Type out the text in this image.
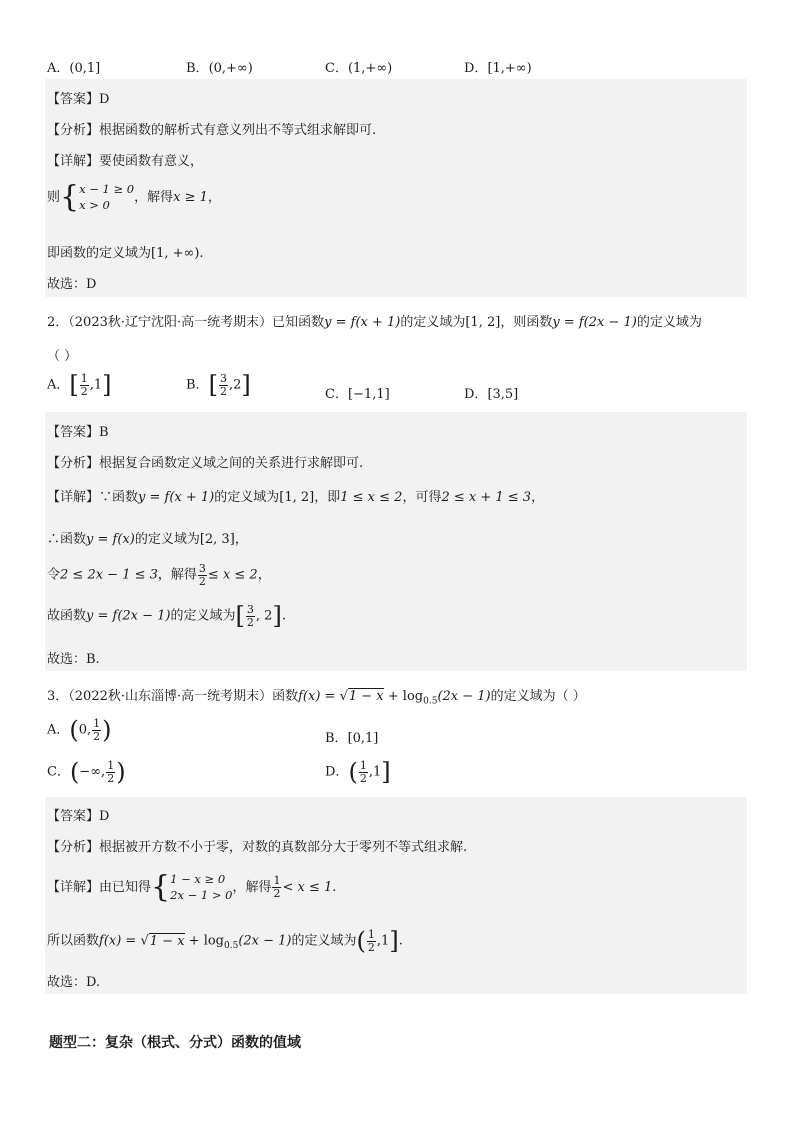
A．(0,1]	B．(0,+∞)	C．(1,+∞)	D．[1,+∞)
【答案】D
【分析】根据函数的解析式有意义列出不等式组求解即可.
【详解】要使函数有意义，
则{ x − 1 ≥ 0
x > 0	，解得x ≥ 1，
即函数的定义域为[1, +∞).
故选：D
2．（2023秋·辽宁沈阳·高一统考期末）已知函数y = f(x + 1)的定义域为[1, 2]，则函数y = f(2x − 1)的定义域为
（ ）
A．[ $\frac{1}{2} ,1$]	B．[ $\frac{3}{2} ,2$]	C．[−1,1]	D．[3,5]
【答案】B
【分析】根据复合函数定义域之间的关系进行求解即可.
【详解】∵函数y = f(x + 1)的定义域为[1, 2]，即1 ≤ x ≤ 2，可得2 ≤ x + 1 ≤ 3，
∴函数y = f(x)的定义域为[2, 3]，
令2 ≤ 2x − 1 ≤ 3，解得 $\frac{3}{2} \le x \le 2$，
故函数y = f(2x − 1)的定义域为[ $\frac{3}{2}$ , 2].
故选：B.
3．（2022秋·山东淄博·高一统考期末）函数$f(x) = √1 - x + \log_{0.5}(2x - 1)$的定义域为（ ）
A．(0, $\frac{1}{2}$ )	B．[0,1]
C．(−∞, $\frac{1}{2}$ )	D．( $\frac{1}{2} ,1$]
【答案】D
【分析】根据被开方数不小于零，对数的真数部分大于零列不等式组求解.
【详解】由已知得{ 1 − x ≥ 0
2x − 1 > 0 ，解得 $\frac{1}{2} < x \le 1$.
所以函数$f(x) = √1 - x + \log_{0.5}(2x - 1)$的定义域为( $\frac{1}{2} ,1$].
故选：D.
题型二：复杂（根式、分式）函数的值域
